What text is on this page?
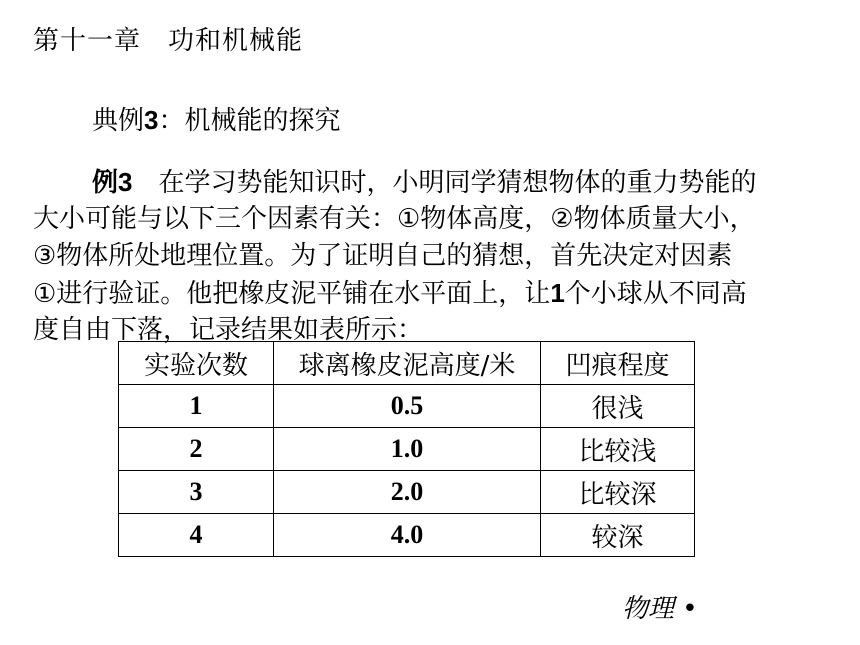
第十一章　功和机械能
典例3：机械能的探究
例3 在学习势能知识时，小明同学猜想物体的重力势能的
大小可能与以下三个因素有关：①物体高度，②物体质量大小，
③物体所处地理位置。为了证明自己的猜想，首先决定对因素
①进行验证。他把橡皮泥平铺在水平面上，让1个小球从不同高
度自由下落，记录结果如表所示：
实验次数	球离橡皮泥高度/米	凹痕程度
1	0.5	很浅
2	1.0	比较浅
3	2.0	比较深
4	4.0	较深
物理 •
